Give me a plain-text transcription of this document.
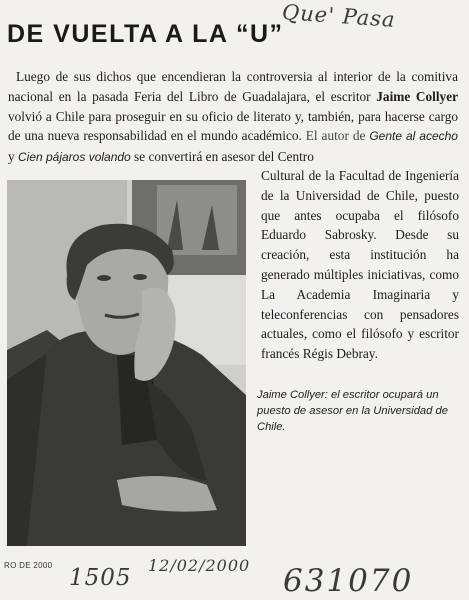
Que' Pasa
DE VUELTA A LA “U”

Luego de sus dichos que encendieran la controversia al interior de la comitiva nacional en la pasada Feria del Libro de Guadalajara, el escritor Jaime Collyer volvió a Chile para proseguir en su oficio de literato y, también, para hacerse cargo de una nueva responsabilidad en el mundo académico. El autor de Gente al acecho y Cien pájaros volando se convertirá en asesor del Centro

Cultural de la Facultad de Ingeniería de la Universidad de Chile, puesto que antes ocupaba el filósofo Eduardo Sabrosky. Desde su creación, esta institución ha generado múltiples iniciativas, como La Academia Imaginaria y teleconferencias con pensadores actuales, como el filósofo y escritor francés Régis Debray.

Jaime Collyer: el escritor ocupará un puesto de asesor en la Universidad de Chile.

RO DE 2000 1505 12/02/2000 631070
